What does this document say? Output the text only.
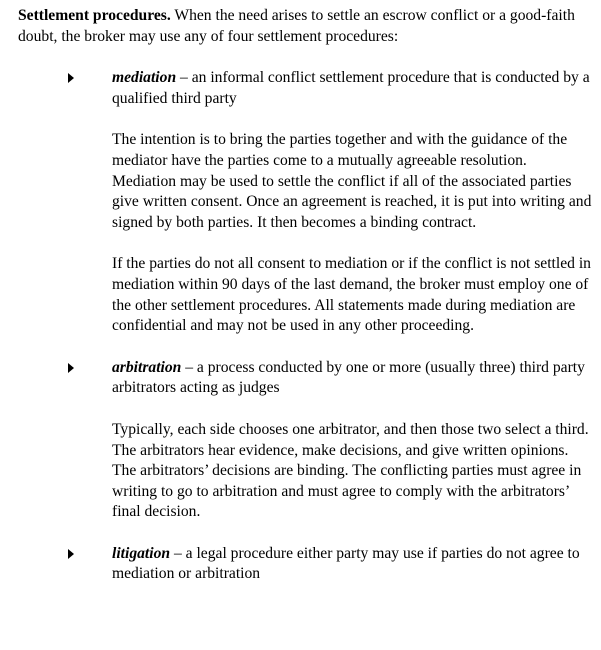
Settlement procedures. When the need arises to settle an escrow conflict or a good-faith doubt, the broker may use any of four settlement procedures:

mediation – an informal conflict settlement procedure that is conducted by a qualified third party

The intention is to bring the parties together and with the guidance of the mediator have the parties come to a mutually agreeable resolution. Mediation may be used to settle the conflict if all of the associated parties give written consent. Once an agreement is reached, it is put into writing and signed by both parties. It then becomes a binding contract.

If the parties do not all consent to mediation or if the conflict is not settled in mediation within 90 days of the last demand, the broker must employ one of the other settlement procedures. All statements made during mediation are confidential and may not be used in any other proceeding.

arbitration – a process conducted by one or more (usually three) third party arbitrators acting as judges

Typically, each side chooses one arbitrator, and then those two select a third. The arbitrators hear evidence, make decisions, and give written opinions. The arbitrators’ decisions are binding. The conflicting parties must agree in writing to go to arbitration and must agree to comply with the arbitrators’ final decision.

litigation – a legal procedure either party may use if parties do not agree to mediation or arbitration
